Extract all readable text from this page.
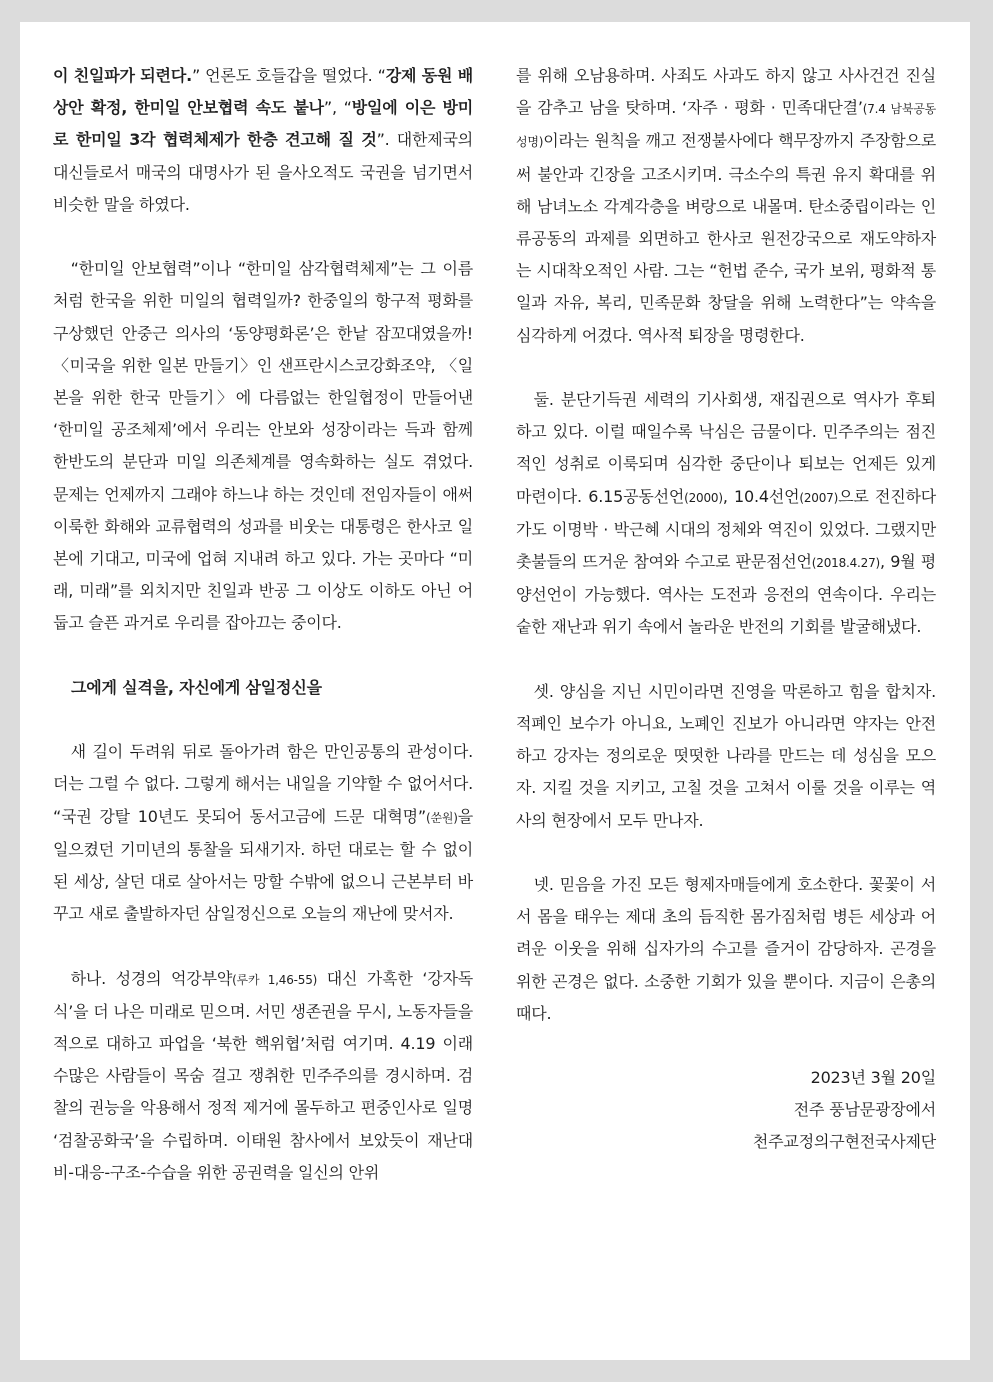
이 친일파가 되련다.” 언론도 호들갑을 떨었다. “강제 동원 배상안 확정, 한미일 안보협력 속도 붙나”, “방일에 이은 방미로 한미일 3각 협력체제가 한층 견고해 질 것”. 대한제국의 대신들로서 매국의 대명사가 된 을사오적도 국권을 넘기면서 비슷한 말을 하였다.

“한미일 안보협력”이나 “한미일 삼각협력체제”는 그 이름처럼 한국을 위한 미일의 협력일까? 한중일의 항구적 평화를 구상했던 안중근 의사의 ‘동양평화론’은 한낱 잠꼬대였을까! 〈미국을 위한 일본 만들기〉인 샌프란시스코강화조약, 〈일본을 위한 한국 만들기〉에 다름없는 한일협정이 만들어낸 ‘한미일 공조체제’에서 우리는 안보와 성장이라는 득과 함께 한반도의 분단과 미일 의존체계를 영속화하는 실도 겪었다. 문제는 언제까지 그래야 하느냐 하는 것인데 전임자들이 애써 이룩한 화해와 교류협력의 성과를 비웃는 대통령은 한사코 일본에 기대고, 미국에 업혀 지내려 하고 있다. 가는 곳마다 “미래, 미래”를 외치지만 친일과 반공 그 이상도 이하도 아닌 어둡고 슬픈 과거로 우리를 잡아끄는 중이다.

그에게 실격을, 자신에게 삼일정신을

새 길이 두려워 뒤로 돌아가려 함은 만인공통의 관성이다. 더는 그럴 수 없다. 그렇게 해서는 내일을 기약할 수 없어서다. “국권 강탈 10년도 못되어 동서고금에 드문 대혁명”(쑨원)을 일으켰던 기미년의 통찰을 되새기자. 하던 대로는 할 수 없이 된 세상, 살던 대로 살아서는 망할 수밖에 없으니 근본부터 바꾸고 새로 출발하자던 삼일정신으로 오늘의 재난에 맞서자.

하나. 성경의 억강부약(루카 1,46-55) 대신 가혹한 ‘강자독식’을 더 나은 미래로 믿으며. 서민 생존권을 무시, 노동자들을 적으로 대하고 파업을 ‘북한 핵위협’처럼 여기며. 4.19 이래 수많은 사람들이 목숨 걸고 쟁취한 민주주의를 경시하며. 검찰의 권능을 악용해서 정적 제거에 몰두하고 편중인사로 일명 ‘검찰공화국’을 수립하며. 이태원 참사에서 보았듯이 재난대비-대응-구조-수습을 위한 공권력을 일신의 안위

를 위해 오남용하며. 사죄도 사과도 하지 않고 사사건건 진실을 감추고 남을 탓하며. ‘자주 · 평화 · 민족대단결’(7.4 남북공동성명)이라는 원칙을 깨고 전쟁불사에다 핵무장까지 주장함으로써 불안과 긴장을 고조시키며. 극소수의 특권 유지 확대를 위해 남녀노소 각계각층을 벼랑으로 내몰며. 탄소중립이라는 인류공동의 과제를 외면하고 한사코 원전강국으로 재도약하자는 시대착오적인 사람. 그는 “헌법 준수, 국가 보위, 평화적 통일과 자유, 복리, 민족문화 창달을 위해 노력한다”는 약속을 심각하게 어겼다. 역사적 퇴장을 명령한다.

둘. 분단기득권 세력의 기사회생, 재집권으로 역사가 후퇴하고 있다. 이럴 때일수록 낙심은 금물이다. 민주주의는 점진적인 성취로 이룩되며 심각한 중단이나 퇴보는 언제든 있게 마련이다. 6.15공동선언(2000), 10.4선언(2007)으로 전진하다가도 이명박 · 박근혜 시대의 정체와 역진이 있었다. 그랬지만 촛불들의 뜨거운 참여와 수고로 판문점선언(2018.4.27), 9월 평양선언이 가능했다. 역사는 도전과 응전의 연속이다. 우리는 숱한 재난과 위기 속에서 놀라운 반전의 기회를 발굴해냈다.

셋. 양심을 지닌 시민이라면 진영을 막론하고 힘을 합치자. 적폐인 보수가 아니요, 노폐인 진보가 아니라면 약자는 안전하고 강자는 정의로운 떳떳한 나라를 만드는 데 성심을 모으자. 지킬 것을 지키고, 고칠 것을 고쳐서 이룰 것을 이루는 역사의 현장에서 모두 만나자.

넷. 믿음을 가진 모든 형제자매들에게 호소한다. 꽃꽃이 서서 몸을 태우는 제대 초의 듬직한 몸가짐처럼 병든 세상과 어려운 이웃을 위해 십자가의 수고를 즐거이 감당하자. 곤경을 위한 곤경은 없다. 소중한 기회가 있을 뿐이다. 지금이 은총의 때다.

2023년 3월 20일
전주 풍남문광장에서
천주교정의구현전국사제단
